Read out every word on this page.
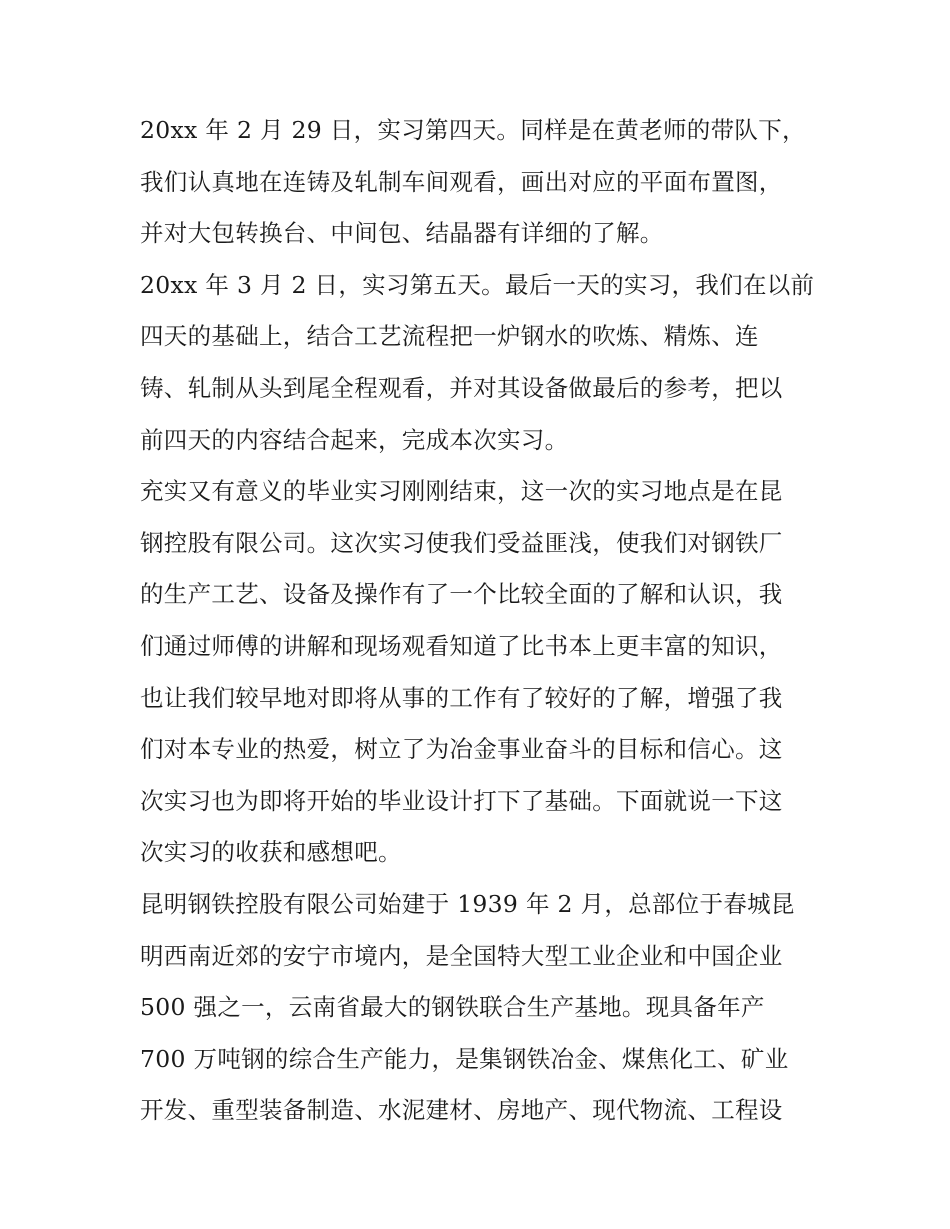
20xx 年 2 月 29 日，实习第四天。同样是在黄老师的带队下，
我们认真地在连铸及轧制车间观看，画出对应的平面布置图，
并对大包转换台、中间包、结晶器有详细的了解。
20xx 年 3 月 2 日，实习第五天。最后一天的实习，我们在以前
四天的基础上，结合工艺流程把一炉钢水的吹炼、精炼、连
铸、轧制从头到尾全程观看，并对其设备做最后的参考，把以
前四天的内容结合起来，完成本次实习。
充实又有意义的毕业实习刚刚结束，这一次的实习地点是在昆
钢控股有限公司。这次实习使我们受益匪浅，使我们对钢铁厂
的生产工艺、设备及操作有了一个比较全面的了解和认识，我
们通过师傅的讲解和现场观看知道了比书本上更丰富的知识，
也让我们较早地对即将从事的工作有了较好的了解，增强了我
们对本专业的热爱，树立了为冶金事业奋斗的目标和信心。这
次实习也为即将开始的毕业设计打下了基础。下面就说一下这
次实习的收获和感想吧。
昆明钢铁控股有限公司始建于 1939 年 2 月，总部位于春城昆
明西南近郊的安宁市境内，是全国特大型工业企业和中国企业
500 强之一，云南省最大的钢铁联合生产基地。现具备年产
700 万吨钢的综合生产能力，是集钢铁冶金、煤焦化工、矿业
开发、重型装备制造、水泥建材、房地产、现代物流、工程设
